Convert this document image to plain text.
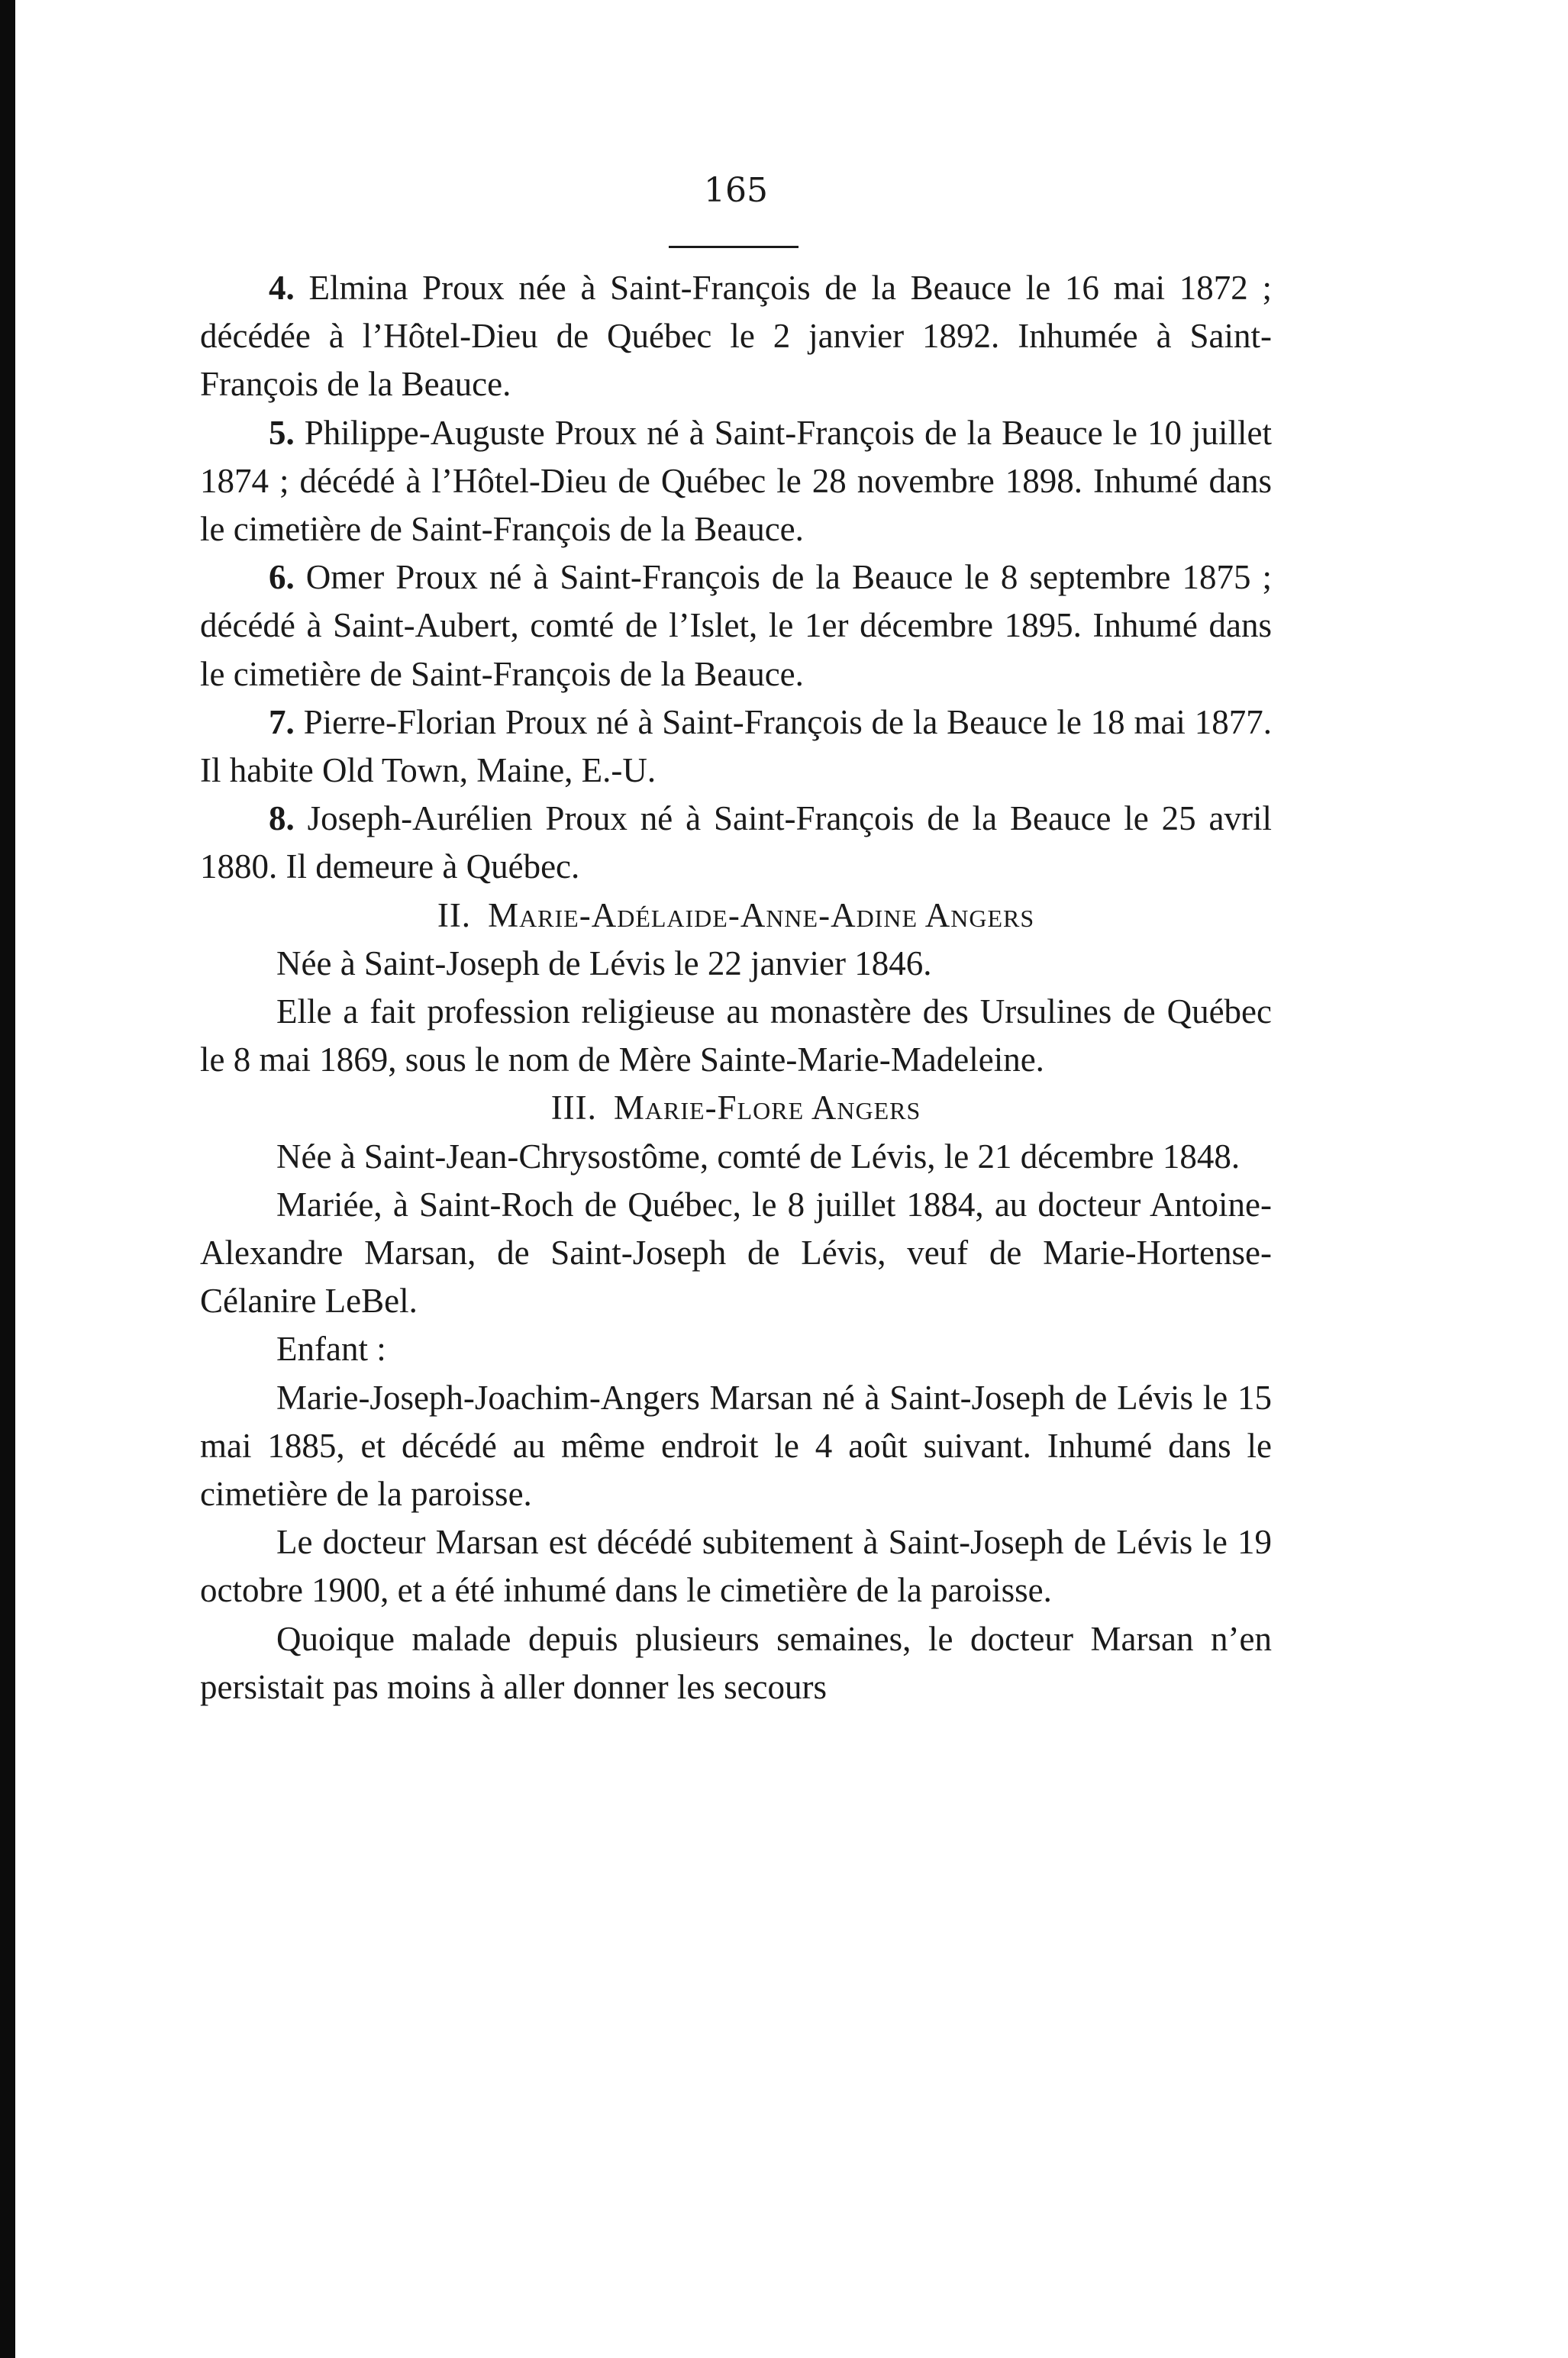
165

4. Elmina Proux née à Saint-François de la Beauce le 16 mai 1872 ; décédée à l’Hôtel-Dieu de Québec le 2 janvier 1892. Inhumée à Saint-François de la Beauce.

5. Philippe-Auguste Proux né à Saint-François de la Beauce le 10 juillet 1874 ; décédé à l’Hôtel-Dieu de Québec le 28 novembre 1898. Inhumé dans le cimetière de Saint-François de la Beauce.

6. Omer Proux né à Saint-François de la Beauce le 8 septembre 1875 ; décédé à Saint-Aubert, comté de l’Islet, le 1er décembre 1895. Inhumé dans le cimetière de Saint-François de la Beauce.

7. Pierre-Florian Proux né à Saint-François de la Beauce le 18 mai 1877. Il habite Old Town, Maine, E.-U.

8. Joseph-Aurélien Proux né à Saint-François de la Beauce le 25 avril 1880. Il demeure à Québec.

II. Marie-Adélaide-Anne-Adine Angers

Née à Saint-Joseph de Lévis le 22 janvier 1846.

Elle a fait profession religieuse au monastère des Ursulines de Québec le 8 mai 1869, sous le nom de Mère Sainte-Marie-Madeleine.

III. Marie-Flore Angers

Née à Saint-Jean-Chrysostôme, comté de Lévis, le 21 décembre 1848.

Mariée, à Saint-Roch de Québec, le 8 juillet 1884, au docteur Antoine-Alexandre Marsan, de Saint-Joseph de Lévis, veuf de Marie-Hortense-Célanire LeBel.

Enfant :

Marie-Joseph-Joachim-Angers Marsan né à Saint-Joseph de Lévis le 15 mai 1885, et décédé au même endroit le 4 août suivant. Inhumé dans le cimetière de la paroisse.

Le docteur Marsan est décédé subitement à Saint-Joseph de Lévis le 19 octobre 1900, et a été inhumé dans le cimetière de la paroisse.

Quoique malade depuis plusieurs semaines, le docteur Marsan n’en persistait pas moins à aller donner les secours
